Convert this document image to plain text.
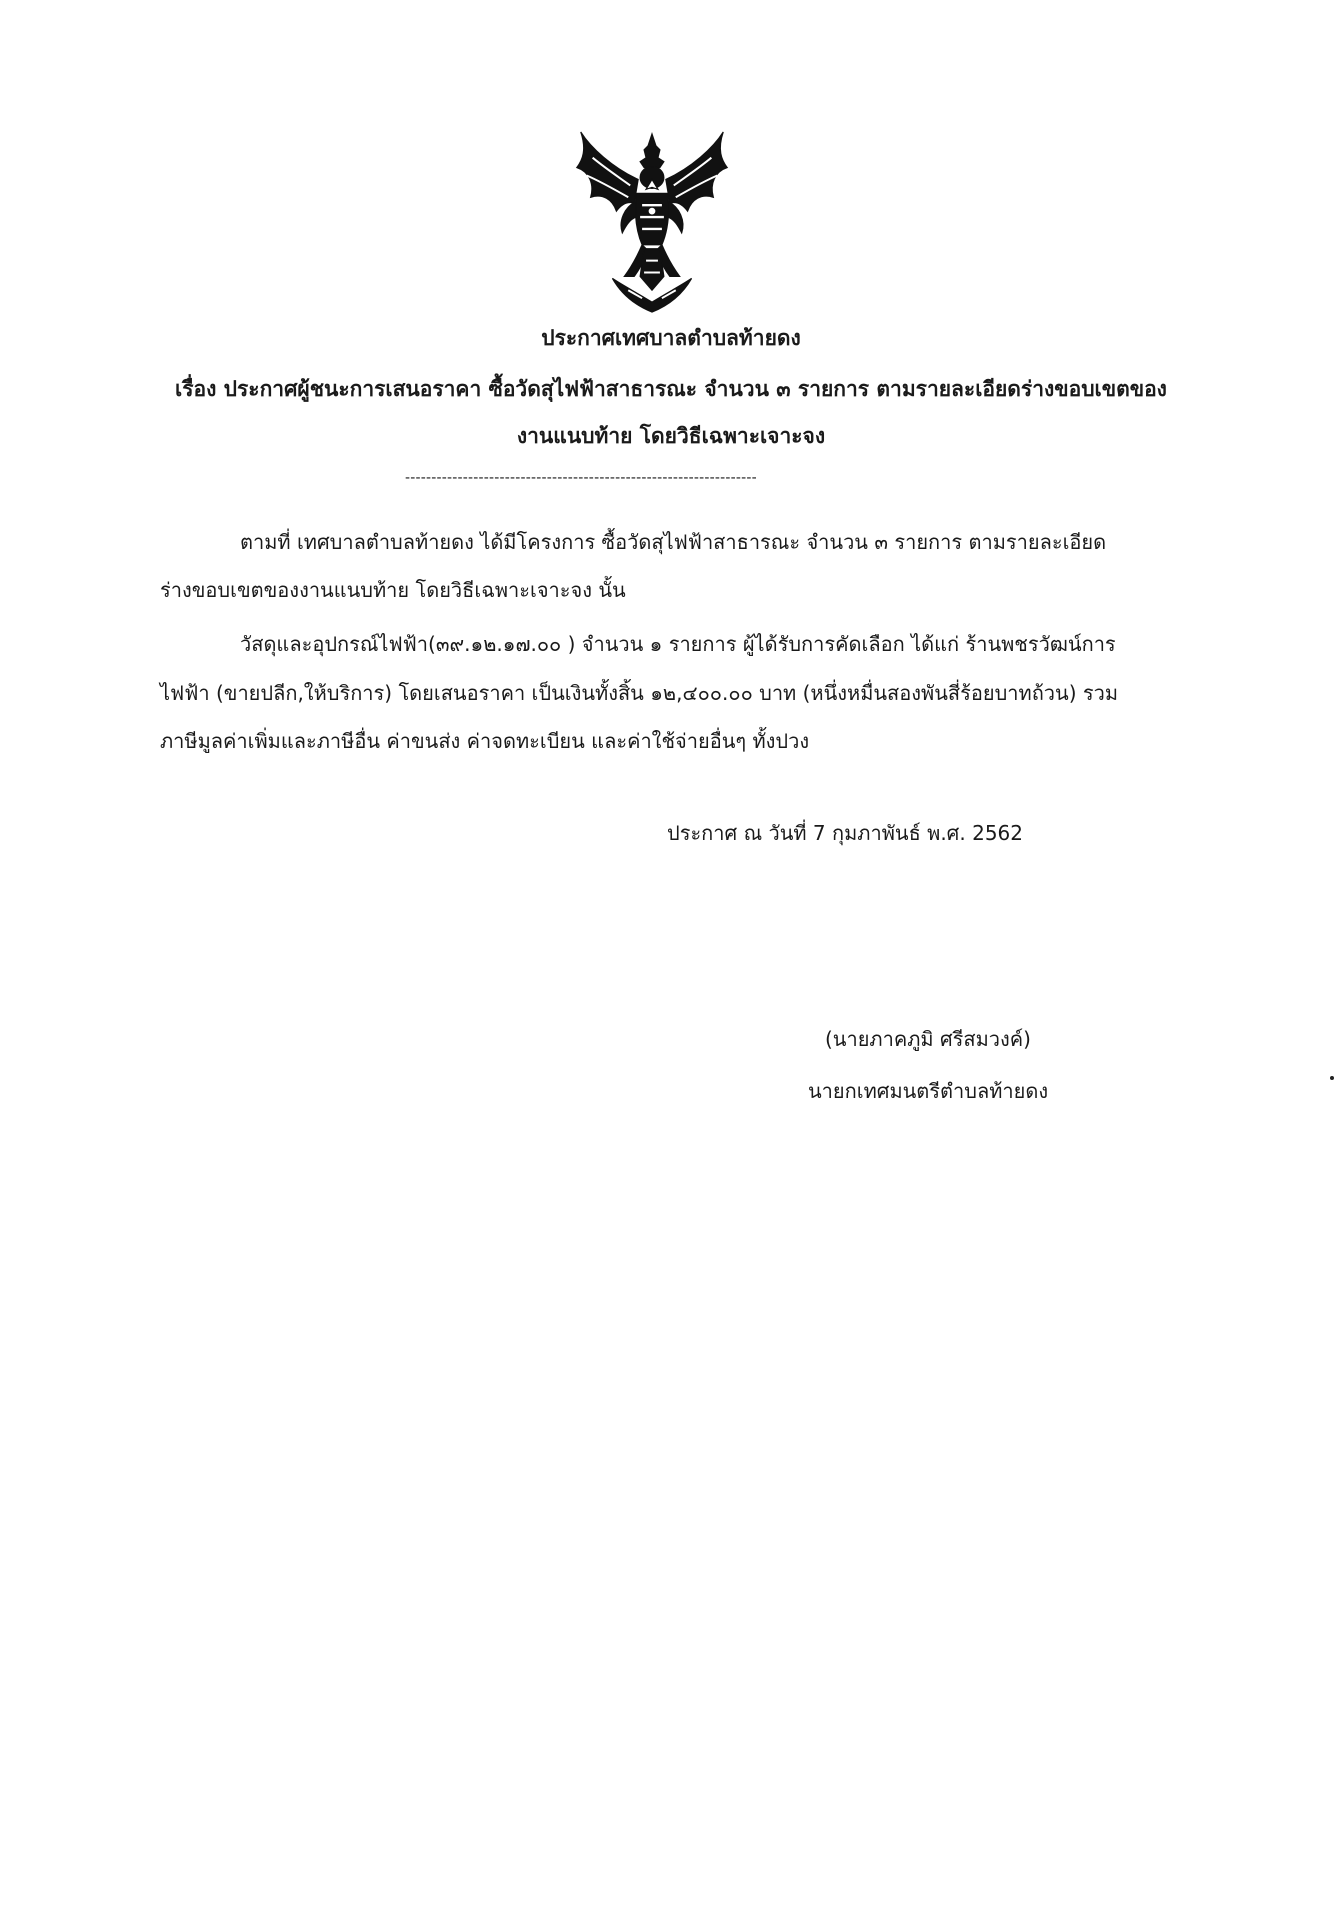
ประกาศเทศบาลตำบลท้ายดง
เรื่อง ประกาศผู้ชนะการเสนอราคา ซื้อวัดสุไฟฟ้าสาธารณะ จำนวน ๓ รายการ ตามรายละเอียดร่างขอบเขตของ
งานแนบท้าย โดยวิธีเฉพาะเจาะจง
-------------------------------------------------------------------
ตามที่ เทศบาลตำบลท้ายดง ได้มีโครงการ ซื้อวัดสุไฟฟ้าสาธารณะ จำนวน ๓ รายการ ตามรายละเอียด
ร่างขอบเขตของงานแนบท้าย โดยวิธีเฉพาะเจาะจง นั้น
วัสดุและอุปกรณ์ไฟฟ้า(๓๙.๑๒.๑๗.๐๐ ) จำนวน ๑ รายการ ผู้ได้รับการคัดเลือก ได้แก่ ร้านพชรวัฒน์การ
ไฟฟ้า (ขายปลีก,ให้บริการ) โดยเสนอราคา เป็นเงินทั้งสิ้น ๑๒,๔๐๐.๐๐ บาท (หนึ่งหมื่นสองพันสี่ร้อยบาทถ้วน) รวม
ภาษีมูลค่าเพิ่มและภาษีอื่น ค่าขนส่ง ค่าจดทะเบียน และค่าใช้จ่ายอื่นๆ ทั้งปวง
ประกาศ ณ วันที่ 7 กุมภาพันธ์ พ.ศ. 2562
(นายภาคภูมิ ศรีสมวงค์)
นายกเทศมนตรีตำบลท้ายดง
